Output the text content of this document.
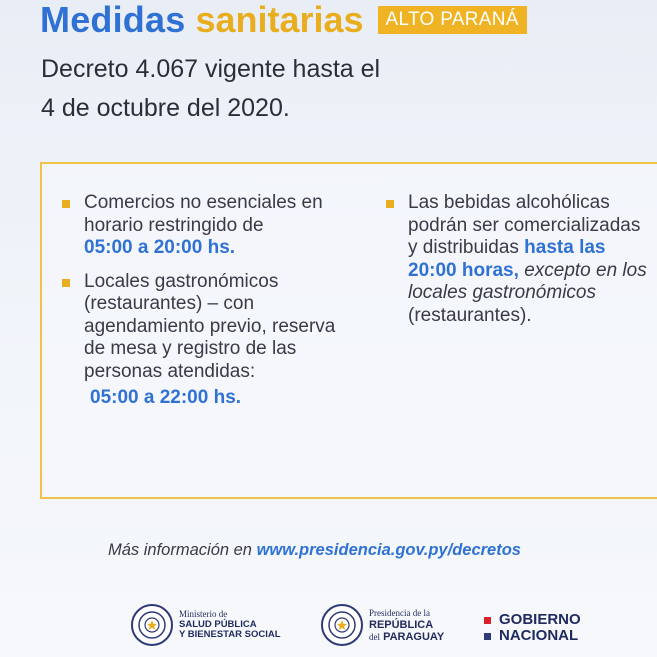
Medidas sanitarias	ALTO PARANÁ
Decreto 4.067 vigente hasta el
4 de octubre del 2020.
Comercios no esenciales en horario restringido de
05:00 a 20:00 hs.
Locales gastronómicos (restaurantes) – con agendamiento previo, reserva de mesa y registro de las personas atendidas:
05:00 a 22:00 hs.
Las bebidas alcohólicas podrán ser comercializadas y distribuidas hasta las 20:00 horas, excepto en los locales gastronómicos (restaurantes).
Más información en www.presidencia.gov.py/decretos
Ministerio de
SALUD PÚBLICA
Y BIENESTAR SOCIAL
Presidencia de la
REPÚBLICA
del PARAGUAY
GOBIERNO
NACIONAL
